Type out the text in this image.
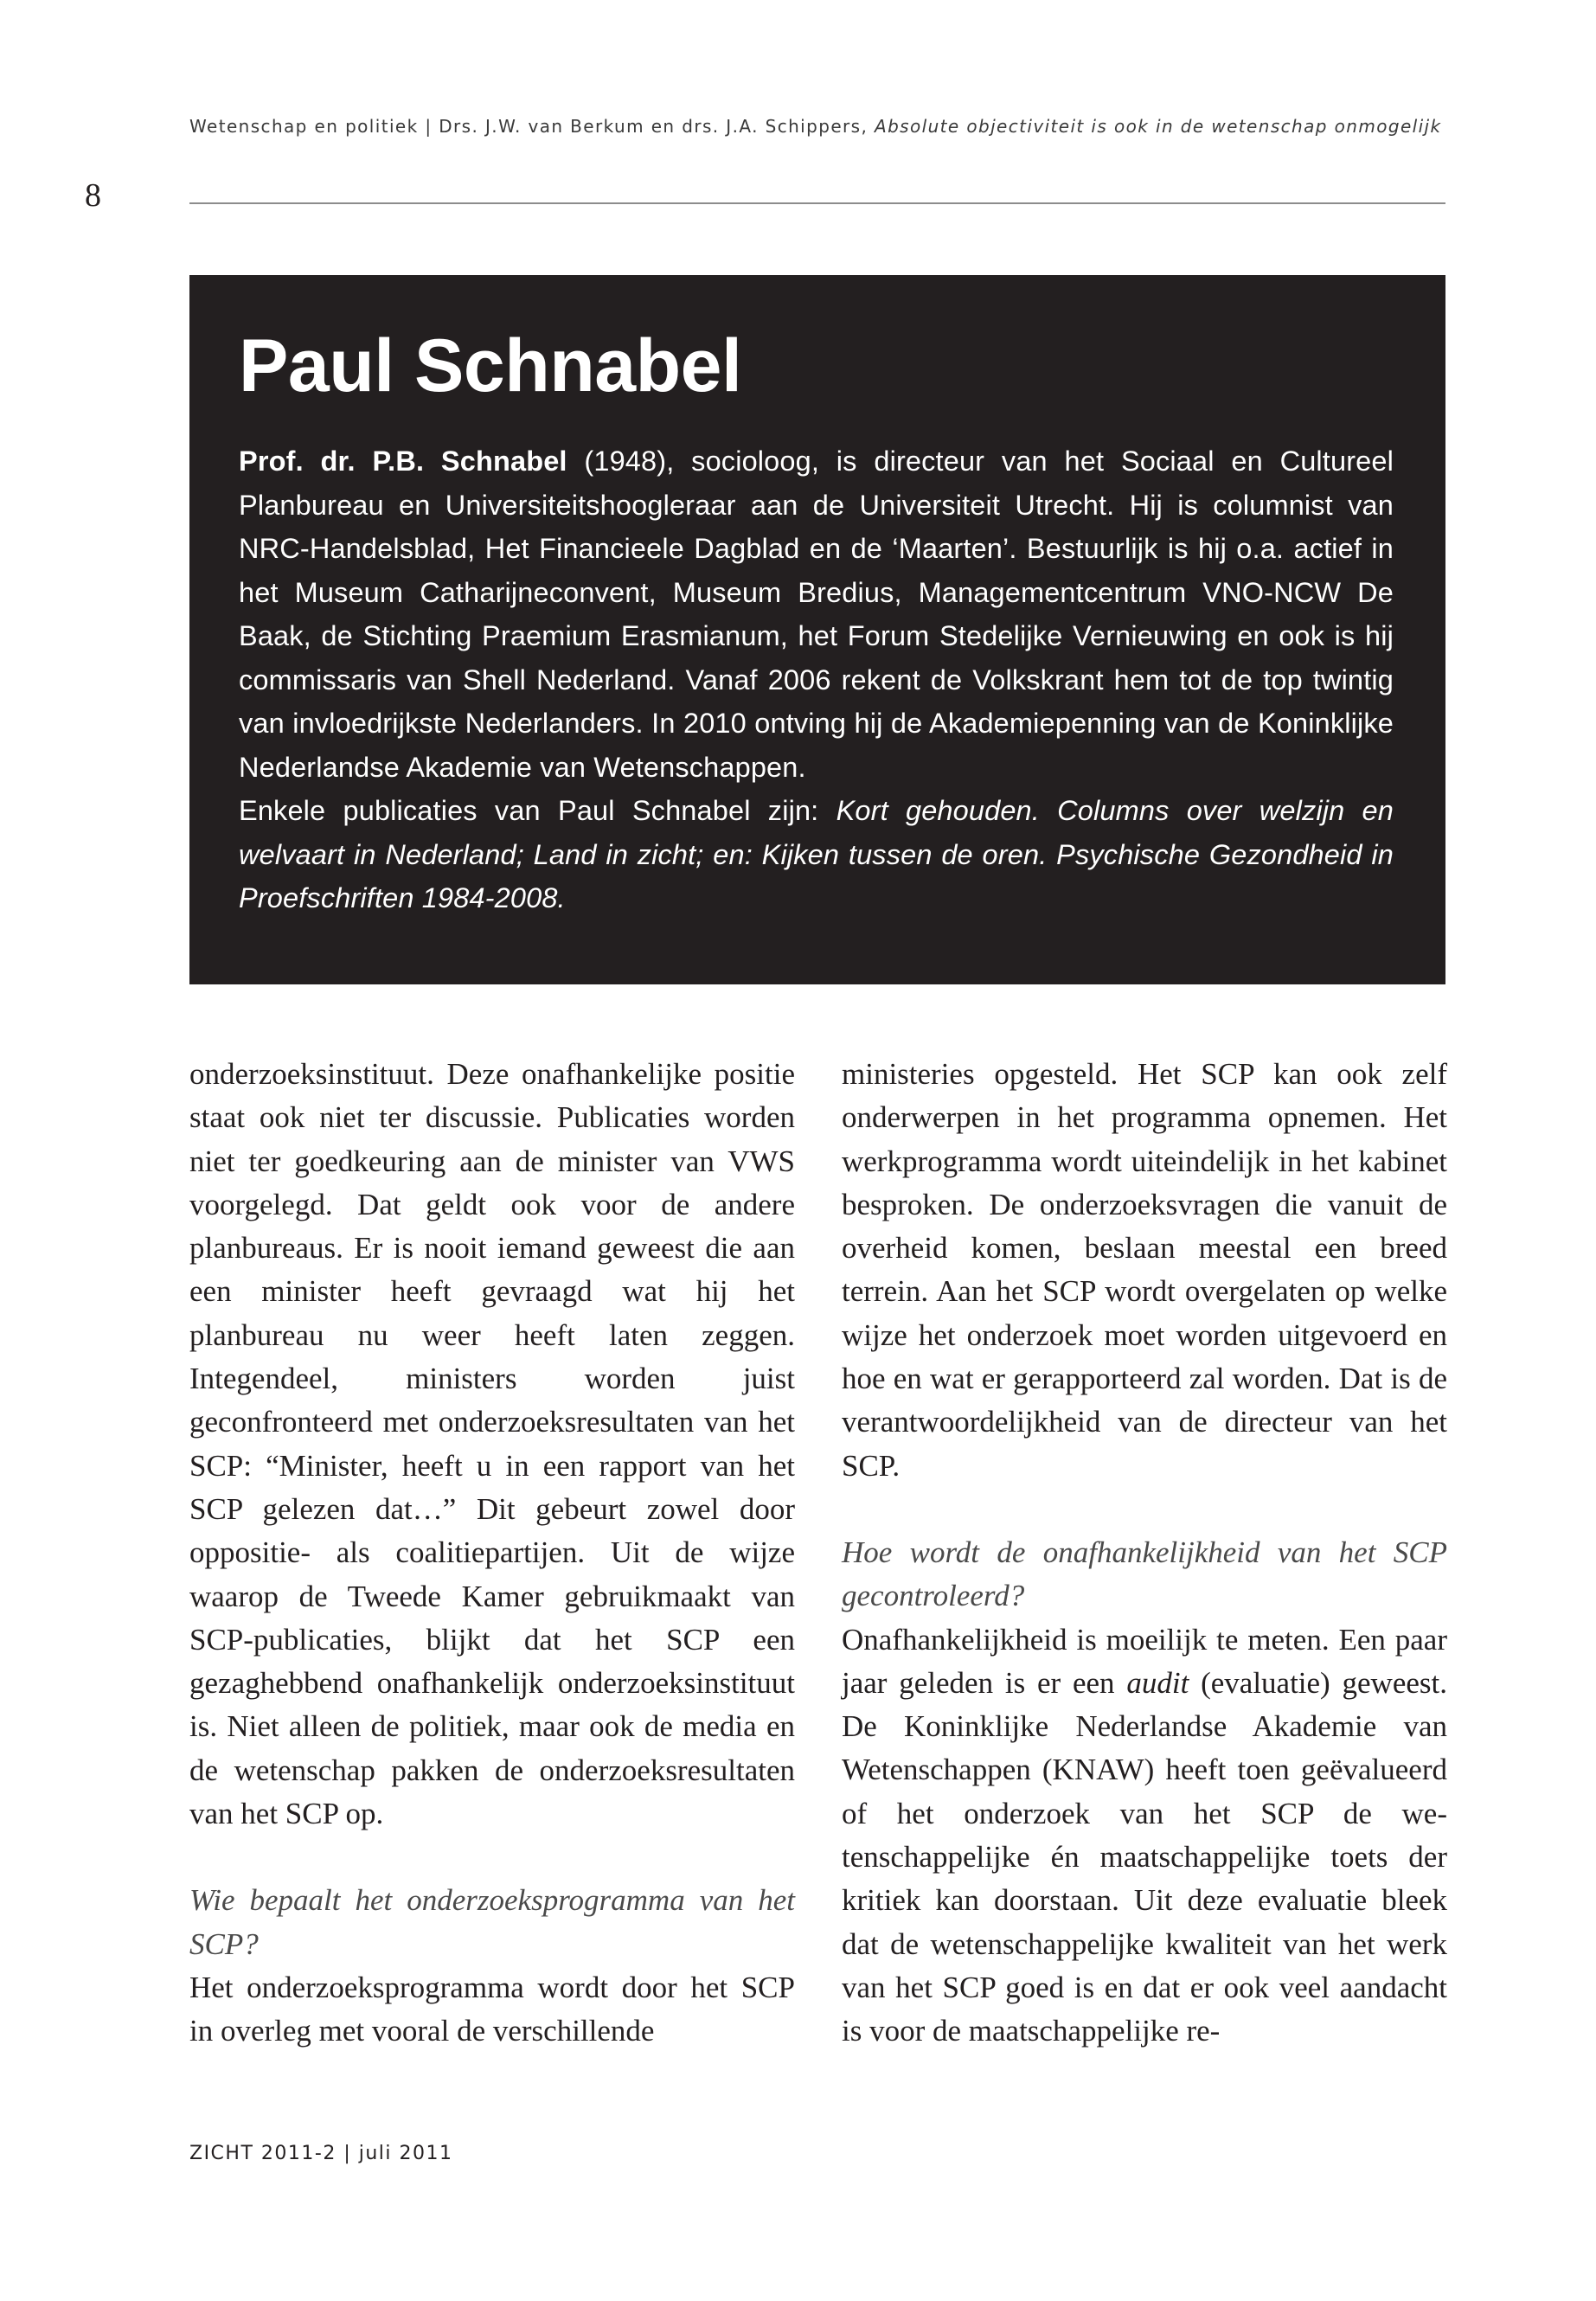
Wetenschap en politiek | Drs. J.W. van Berkum en drs. J.A. Schippers, Absolute objectiviteit is ook in de wetenschap onmogelijk
8
Paul Schnabel

Prof. dr. P.B. Schnabel (1948), socioloog, is directeur van het Sociaal en Cultureel Planbureau en Universiteitshoogleraar aan de Universiteit Utrecht. Hij is columnist van NRC-Handelsblad, Het Financieele Dagblad en de ‘Maarten’. Bestuurlijk is hij o.a. actief in het Museum Catharijneconvent, Museum Bredius, Managementcentrum VNO-NCW De Baak, de Stichting Praemium Erasmianum, het Forum Stedelijke Vernieuwing en ook is hij commissaris van Shell Nederland. Vanaf 2006 rekent de Volkskrant hem tot de top twintig van invloedrijkste Nederlanders. In 2010 ontving hij de Akademiepenning van de Koninklijke Nederlandse Akademie van Wetenschappen.
Enkele publicaties van Paul Schnabel zijn: Kort gehouden. Columns over welzijn en welvaart in Nederland; Land in zicht; en: Kijken tussen de oren. Psychische Gezondheid in Proefschriften 1984-2008.

onderzoeksinstituut. Deze onafhankelijke positie staat ook niet ter discussie. Publicaties worden niet ter goedkeuring aan de minister van VWS voorgelegd. Dat geldt ook voor de andere planbureaus. Er is nooit iemand geweest die aan een minister heeft gevraagd wat hij het planbureau nu weer heeft laten zeggen. Integendeel, ministers worden juist geconfronteerd met onderzoeksresultaten van het SCP: “Minister, heeft u in een rapport van het SCP gelezen dat…” Dit gebeurt zowel door oppositie- als coalitiepartijen. Uit de wijze waarop de Tweede Kamer gebruikmaakt van SCP-publicaties, blijkt dat het SCP een gezaghebbend onafhankelijk onderzoeksinstituut is. Niet alleen de politiek, maar ook de media en de wetenschap pakken de onderzoeksresultaten van het SCP op.

Wie bepaalt het onderzoeksprogramma van het SCP?

Het onderzoeksprogramma wordt door het SCP in overleg met vooral de verschillende

ministeries opgesteld. Het SCP kan ook zelf onderwerpen in het programma opnemen. Het werkprogramma wordt uiteindelijk in het kabinet besproken. De onderzoeksvragen die vanuit de overheid komen, beslaan meestal een breed terrein. Aan het SCP wordt overgelaten op welke wijze het onderzoek moet worden uitgevoerd en hoe en wat er gerapporteerd zal worden. Dat is de verantwoordelijkheid van de directeur van het SCP.

Hoe wordt de onafhankelijkheid van het SCP gecontroleerd?

Onafhankelijkheid is moeilijk te meten. Een paar jaar geleden is er een audit (evaluatie) geweest. De Koninklijke Nederlandse Akademie van Wetenschappen (KNAW) heeft toen geëvalueerd of het onderzoek van het SCP de wetenschappelijke én maatschappelijke toets der kritiek kan doorstaan. Uit deze evaluatie bleek dat de wetenschappelijke kwaliteit van het werk van het SCP goed is en dat er ook veel aandacht is voor de maatschappelijke re-

ZICHT 2011-2 | juli 2011
